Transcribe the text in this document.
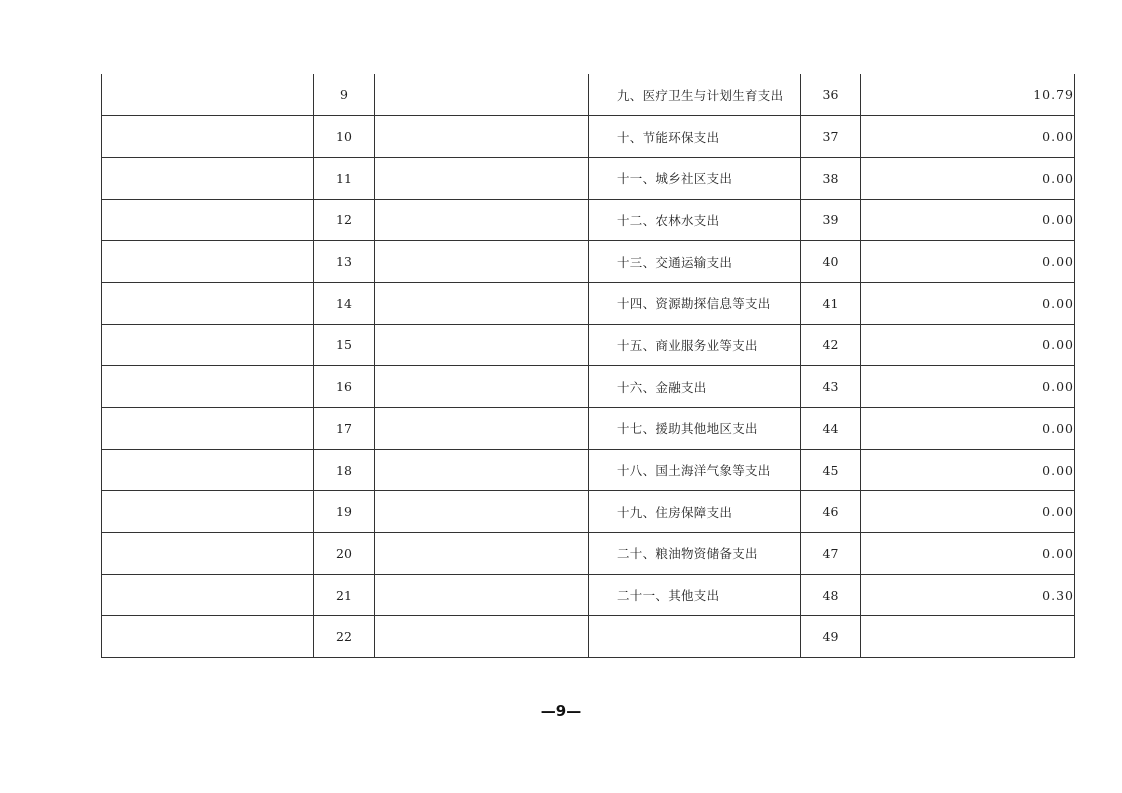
	9		九、医疗卫生与计划生育支出	36	10.79
	10		十、节能环保支出	37	0.00
	11		十一、城乡社区支出	38	0.00
	12		十二、农林水支出	39	0.00
	13		十三、交通运输支出	40	0.00
	14		十四、资源勘探信息等支出	41	0.00
	15		十五、商业服务业等支出	42	0.00
	16		十六、金融支出	43	0.00
	17		十七、援助其他地区支出	44	0.00
	18		十八、国土海洋气象等支出	45	0.00
	19		十九、住房保障支出	46	0.00
	20		二十、粮油物资储备支出	47	0.00
	21		二十一、其他支出	48	0.30
	22			49	
—9—
